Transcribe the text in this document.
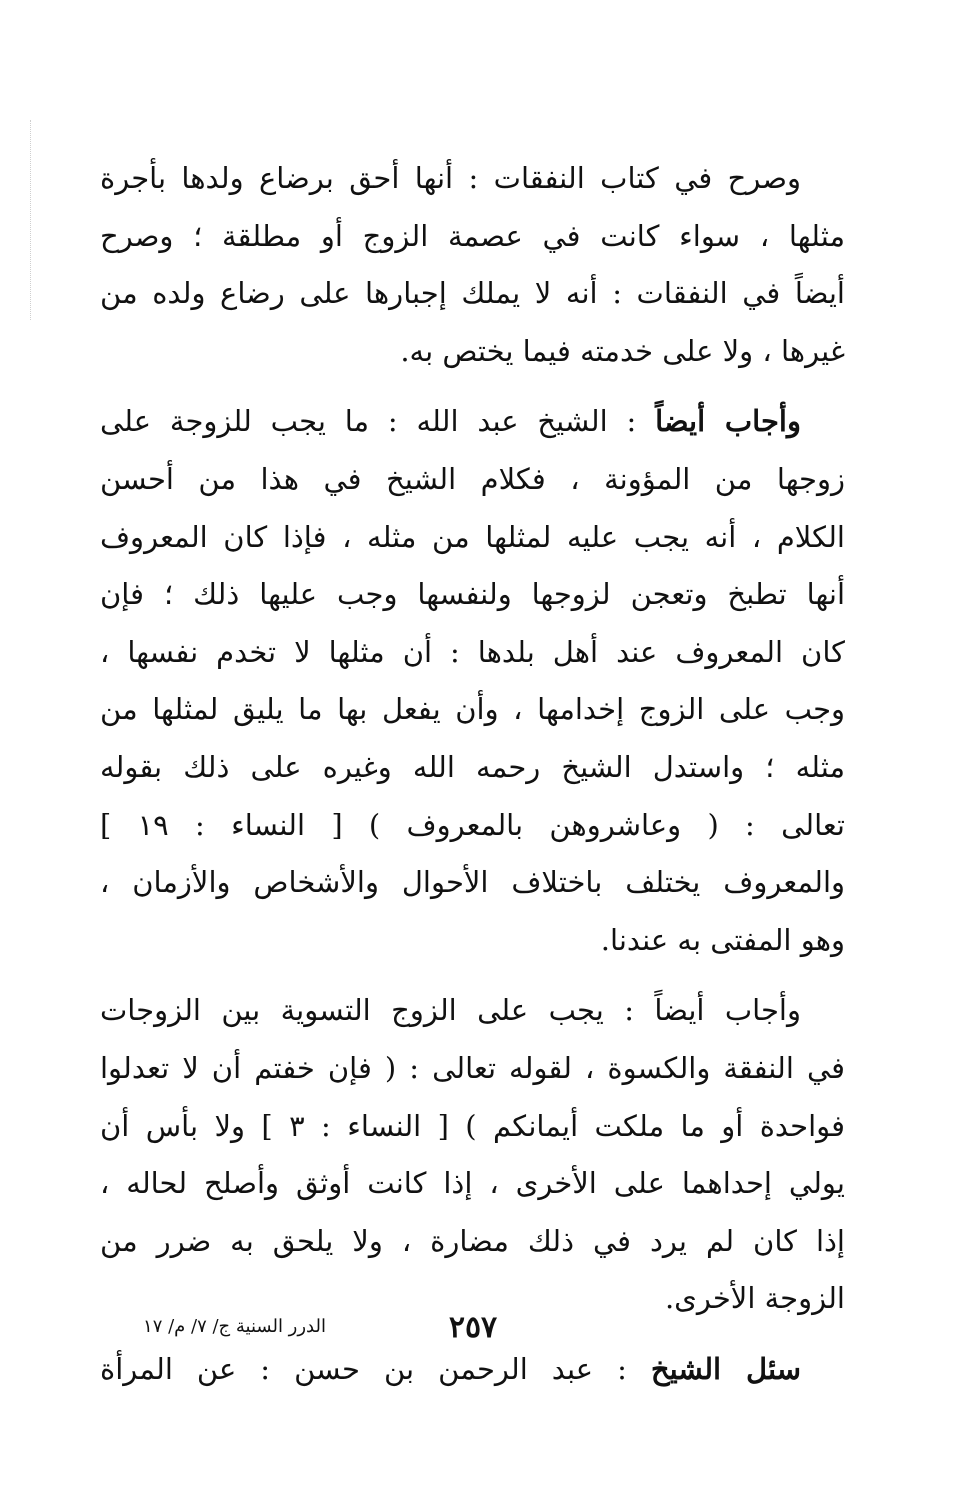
وصرح في كتاب النفقات : أنها أحق برضاع ولدها بأجرة
مثلها ، سواء كانت في عصمة الزوج أو مطلقة ؛ وصرح
أيضاً في النفقات : أنه لا يملك إجبارها على رضاع ولده من
غيرها ، ولا على خدمته فيما يختص به.
وأجاب أيضاً : الشيخ عبد الله : ما يجب للزوجة على
زوجها من المؤونة ، فكلام الشيخ في هذا من أحسن
الكلام ، أنه يجب عليه لمثلها من مثله ، فإذا كان المعروف
أنها تطبخ وتعجن لزوجها ولنفسها وجب عليها ذلك ؛ فإن
كان المعروف عند أهل بلدها : أن مثلها لا تخدم نفسها ،
وجب على الزوج إخدامها ، وأن يفعل بها ما يليق لمثلها من
مثله ؛ واستدل الشيخ رحمه الله وغيره على ذلك بقوله
تعالى : ( وعاشروهن بالمعروف ) [ النساء : ١٩ ]
والمعروف يختلف باختلاف الأحوال والأشخاص والأزمان ،
وهو المفتى به عندنا.
وأجاب أيضاً : يجب على الزوج التسوية بين الزوجات
في النفقة والكسوة ، لقوله تعالى : ( فإن خفتم أن لا تعدلوا
فواحدة أو ما ملكت أيمانكم ) [ النساء : ٣ ] ولا بأس أن
يولي إحداهما على الأخرى ، إذا كانت أوثق وأصلح لحاله ،
إذا كان لم يرد في ذلك مضارة ، ولا يلحق به ضرر من
الزوجة الأخرى.
سئل الشيخ : عبد الرحمن بن حسن : عن المرأة
٢٥٧
الدرر السنية ج/ ٧/ م/ ١٧
